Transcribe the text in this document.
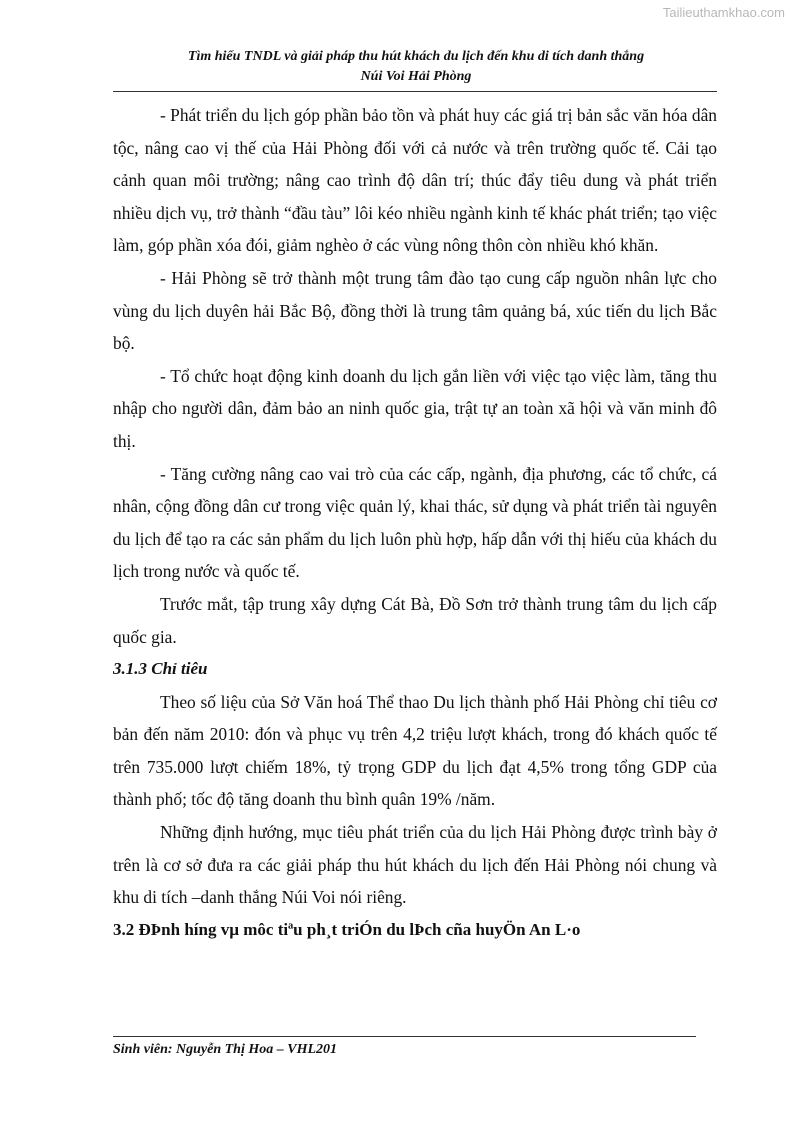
Tailieuthamkhao.com
Tìm hiểu TNDL và giải pháp thu hút khách du lịch đến khu di tích danh thắng
Núi Voi Hải Phòng

- Phát triển du lịch góp phần bảo tồn và phát huy các giá trị bản sắc văn hóa dân tộc, nâng cao vị thế của Hải Phòng đối với cả nước và trên trường quốc tế. Cải tạo cảnh quan môi trường; nâng cao trình độ dân trí; thúc đẩy tiêu dung và phát triển nhiều dịch vụ, trở thành “đầu tàu” lôi kéo nhiều ngành kinh tế khác phát triển; tạo việc làm, góp phần xóa đói, giảm nghèo ở các vùng nông thôn còn nhiều khó khăn.

- Hải Phòng sẽ trở thành một trung tâm đào tạo cung cấp nguồn nhân lực cho vùng du lịch duyên hải Bắc Bộ, đồng thời là trung tâm quảng bá, xúc tiến du lịch Bắc bộ.

- Tổ chức hoạt động kinh doanh du lịch gắn liền với việc tạo việc làm, tăng thu nhập cho người dân, đảm bảo an ninh quốc gia, trật tự an toàn xã hội và văn minh đô thị.

- Tăng cường nâng cao vai trò của các cấp, ngành, địa phương, các tổ chức, cá nhân, cộng đồng dân cư trong việc quản lý, khai thác, sử dụng và phát triển tài nguyên du lịch để tạo ra các sản phẩm du lịch luôn phù hợp, hấp dẫn với thị hiếu của khách du lịch trong nước và quốc tế.

Trước mắt, tập trung xây dựng Cát Bà, Đồ Sơn trở thành trung tâm du lịch cấp quốc gia.

3.1.3 Chỉ tiêu

Theo số liệu của Sở Văn hoá Thể thao Du lịch thành phố Hải Phòng chỉ tiêu cơ bản đến năm 2010: đón và phục vụ trên 4,2 triệu lượt khách, trong đó khách quốc tế trên 735.000 lượt chiếm 18%, tỷ trọng GDP du lịch đạt 4,5% trong tổng GDP của thành phố; tốc độ tăng doanh thu bình quân 19% /năm.

Những định hướng, mục tiêu phát triển của du lịch Hải Phòng được trình bày ở trên là cơ sở đưa ra các giải pháp thu hút khách du lịch đến Hải Phòng nói chung và khu di tích –danh thắng Núi Voi nói riêng.

3.2 ĐÞnh híng vµ môc tiªu ph¸t triÓn du lÞch cña huyÖn An L·o

Sinh viên: Nguyễn Thị Hoa – VHL201
